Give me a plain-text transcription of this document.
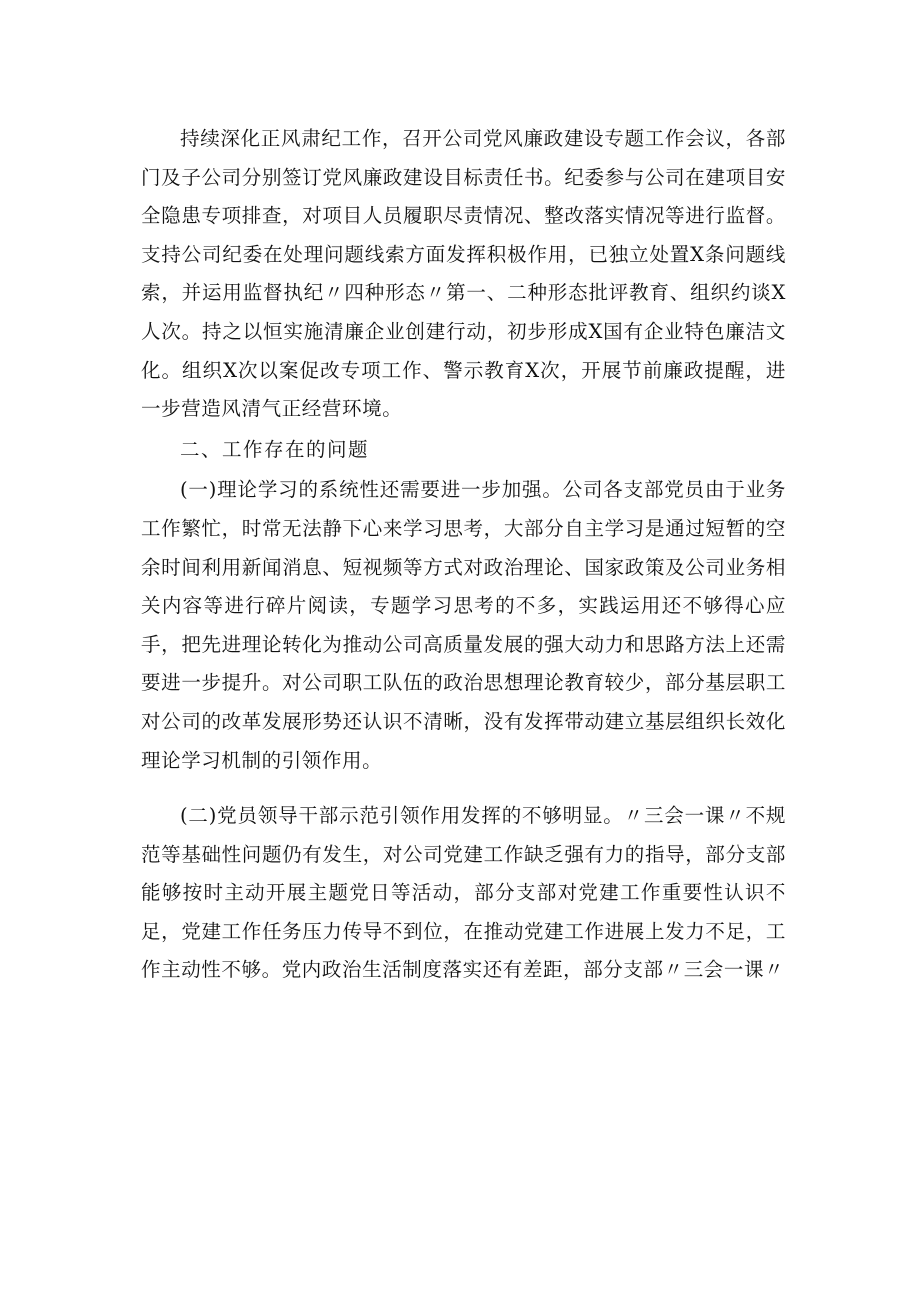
持续深化正风肃纪工作，召开公司党风廉政建设专题工作会议，各部门及子公司分别签订党风廉政建设目标责任书。纪委参与公司在建项目安全隐患专项排查，对项目人员履职尽责情况、整改落实情况等进行监督。支持公司纪委在处理问题线索方面发挥积极作用，已独立处置X条问题线索，并运用监督执纪〃四种形态〃第一、二种形态批评教育、组织约谈X人次。持之以恒实施清廉企业创建行动，初步形成X国有企业特色廉洁文化。组织X次以案促改专项工作、警示教育X次，开展节前廉政提醒，进一步营造风清气正经营环境。

二、工作存在的问题

(一)理论学习的系统性还需要进一步加强。公司各支部党员由于业务工作繁忙，时常无法静下心来学习思考，大部分自主学习是通过短暂的空余时间利用新闻消息、短视频等方式对政治理论、国家政策及公司业务相关内容等进行碎片阅读，专题学习思考的不多，实践运用还不够得心应手，把先进理论转化为推动公司高质量发展的强大动力和思路方法上还需要进一步提升。对公司职工队伍的政治思想理论教育较少，部分基层职工对公司的改革发展形势还认识不清晰，没有发挥带动建立基层组织长效化理论学习机制的引领作用。

(二)党员领导干部示范引领作用发挥的不够明显。〃三会一课〃不规范等基础性问题仍有发生，对公司党建工作缺乏强有力的指导，部分支部能够按时主动开展主题党日等活动，部分支部对党建工作重要性认识不足，党建工作任务压力传导不到位，在推动党建工作进展上发力不足，工作主动性不够。党内政治生活制度落实还有差距，部分支部〃三会一课〃
